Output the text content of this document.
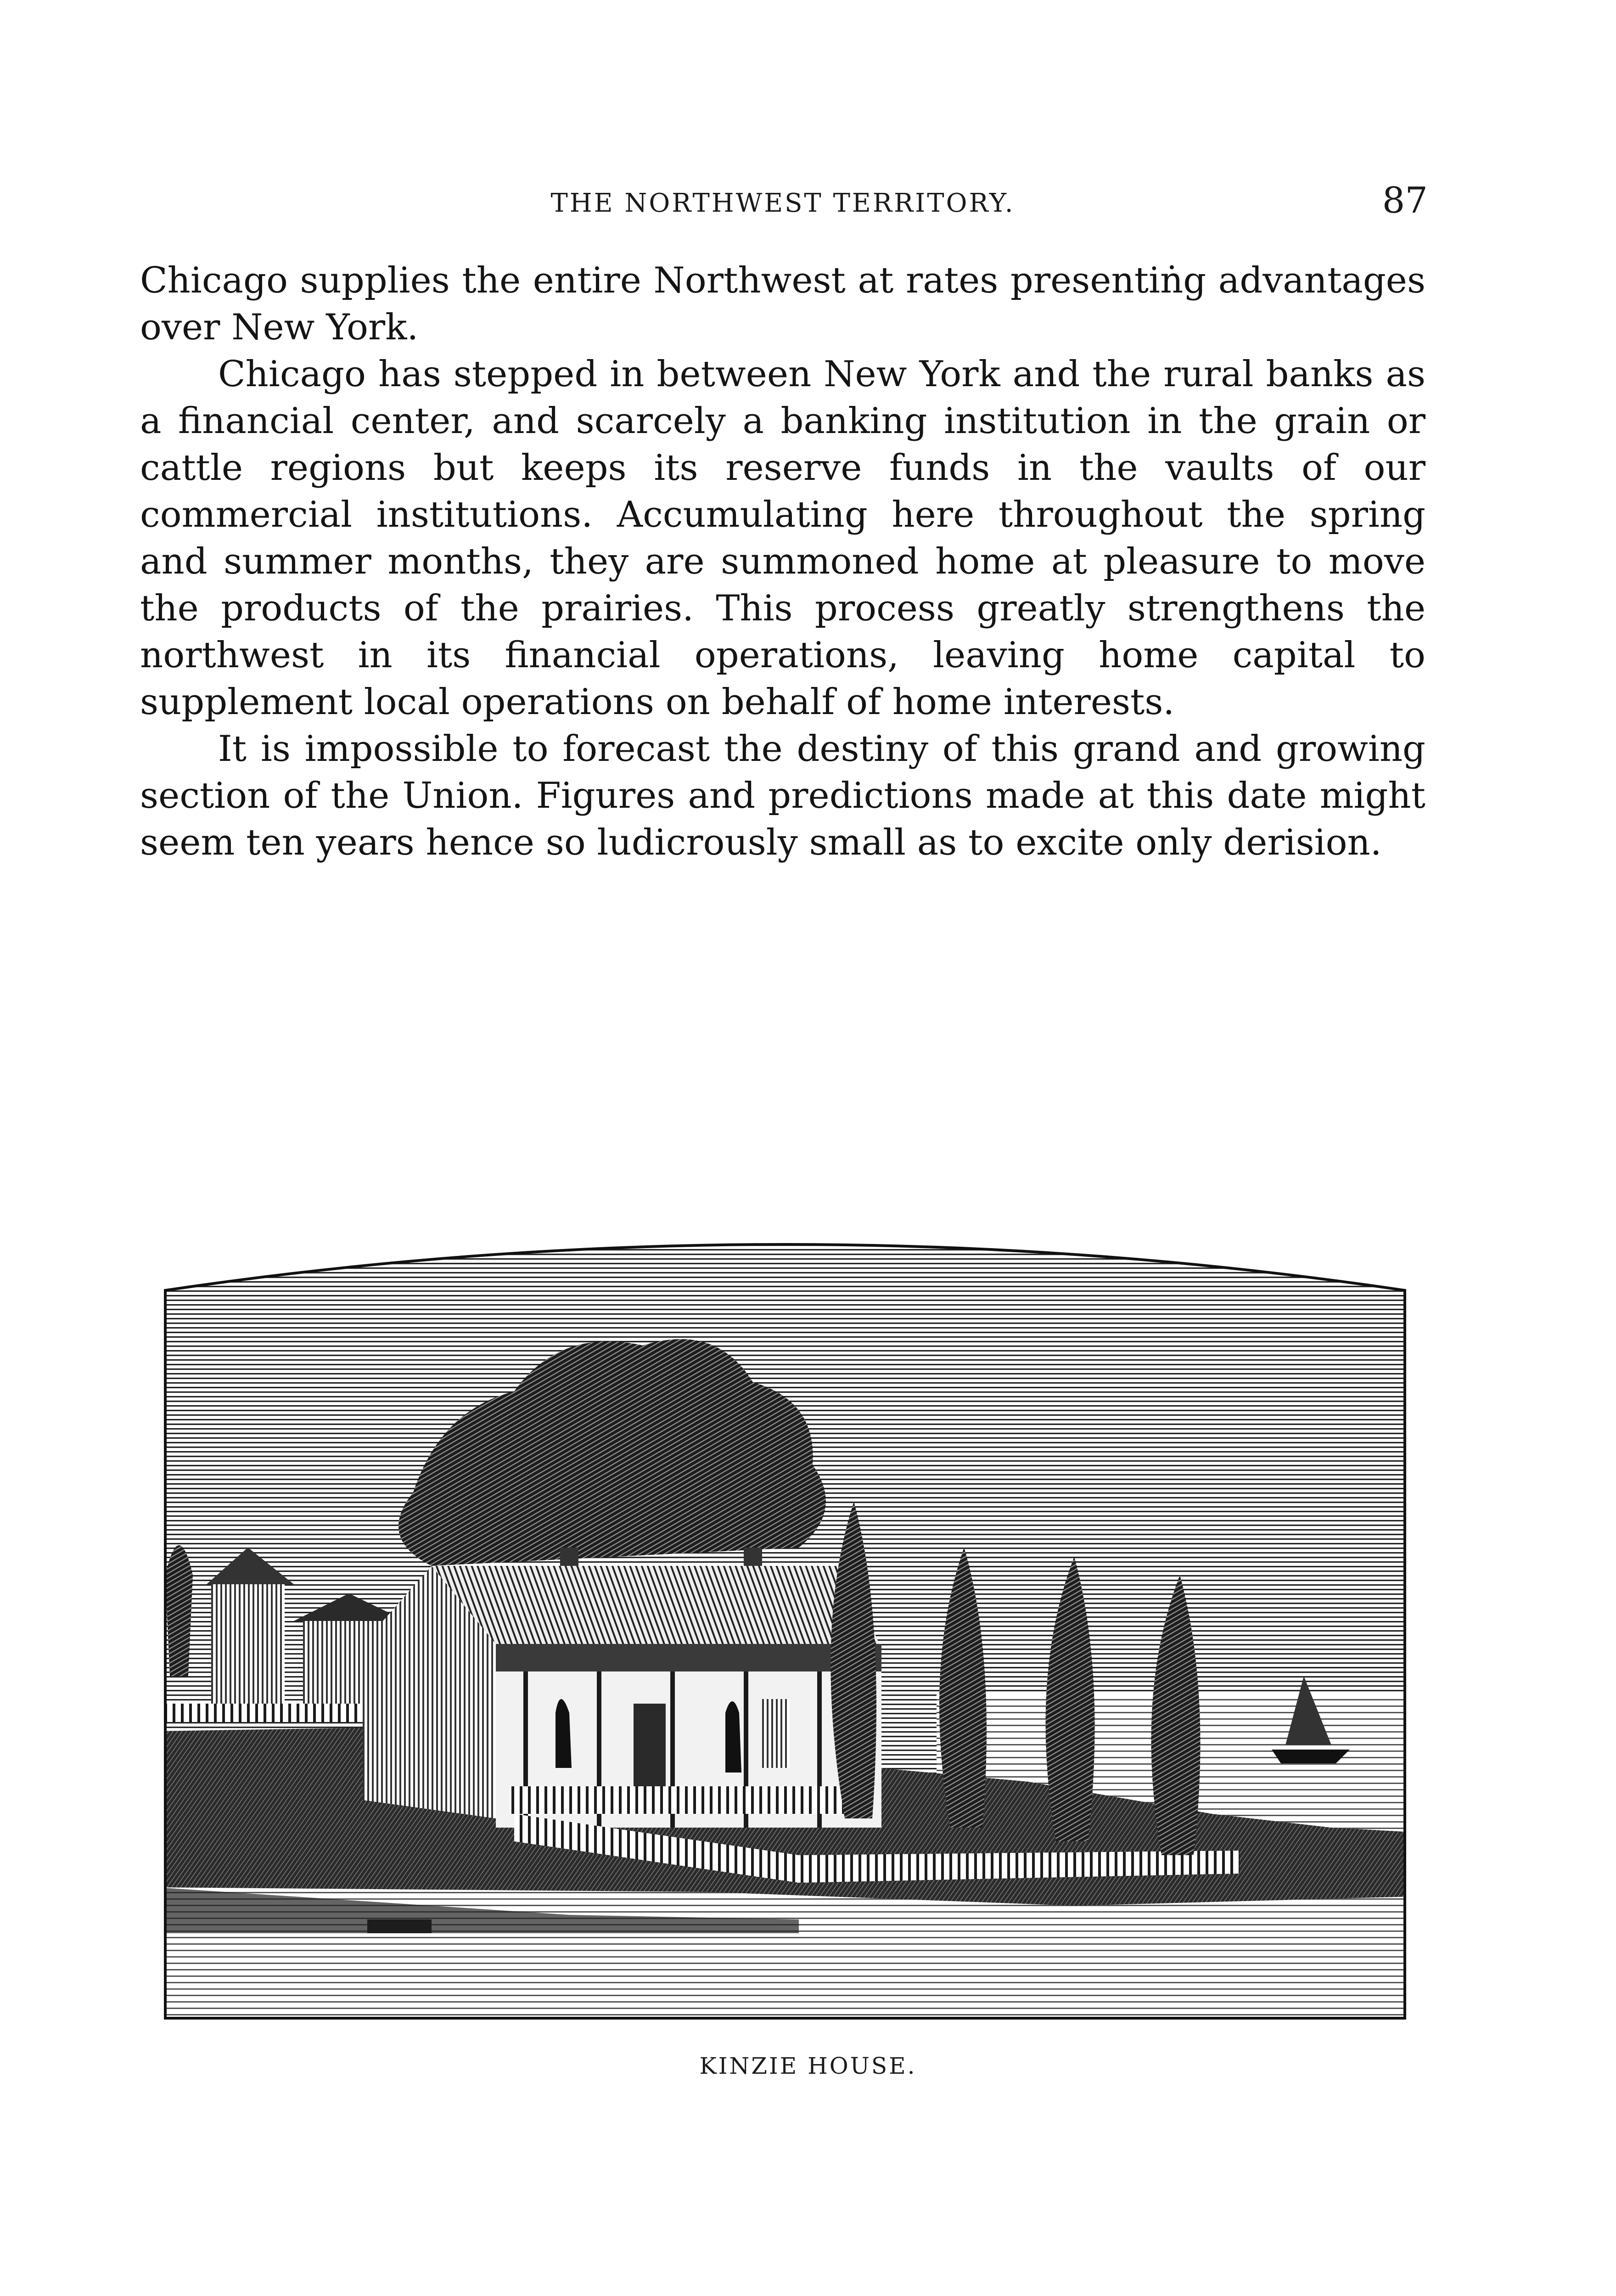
THE NORTHWEST TERRITORY.	87

Chicago supplies the entire Northwest at rates presentiṅg advantages over New York.

Chicago has stepped in between New York and the rural banks as a financial center, and scarcely a banking institution in the grain or cattle regions but keeps its reserve funds in the vaults of our commercial institutions. Accumulating here throughout the spring and summer months, they are summoned home at pleasure to move the products of the prairies. This process greatly strengthens the northwest in its financial operations, leaving home capital to supplement local operations on behalf of home interests.

It is impossible to forecast the destiny of this grand and growing section of the Union. Figures and predictions made at this date might seem ten years hence so ludicrously small as to excite only derision.

KINZIE HOUSE.
